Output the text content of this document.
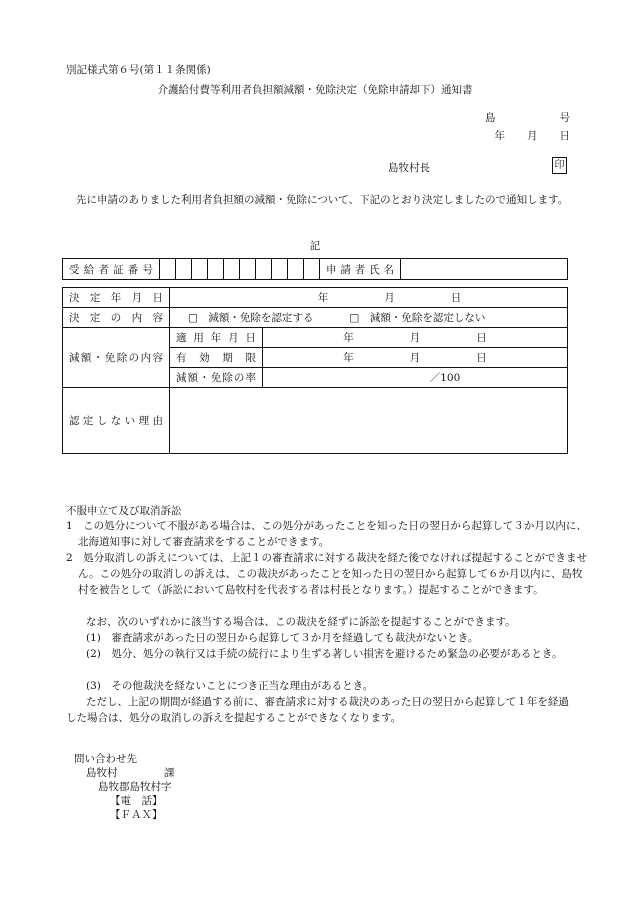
別記様式第６号(第１１条関係)
介護給付費等利用者負担額減額・免除決定（免除申請却下）通知書
島	号
年 月 日
島牧村長	印
先に申請のありました利用者負担額の減額・免除について、下記のとおり決定しましたので通知します。
記
受給者証番号											申請者氏名	
決定年月日	年 月 日	
決定の内容	□　減額・免除を認定する □　減額・免除を認定しない	
減額・免除の内容	適用年月日	年 月 日
	有効期限	年 月 日
	減額・免除の率	／100
認定しない理由		
不服申立て及び取消訴訟
1　この処分について不服がある場合は、この処分があったことを知った日の翌日から起算して３か月以内に、北海道知事に対して審査請求をすることができます。
2　処分取消しの訴えについては、上記１の審査請求に対する裁決を経た後でなければ提起することができません。この処分の取消しの訴えは、この裁決があったことを知った日の翌日から起算して６か月以内に、島牧村を被告として（訴訟において島牧村を代表する者は村長となります。）提起することができます。
なお、次のいずれかに該当する場合は、この裁決を経ずに訴訟を提起することができます。
(1)　審査請求があった日の翌日から起算して３か月を経過しても裁決がないとき。
(2)　処分、処分の執行又は手続の続行により生ずる著しい損害を避けるため緊急の必要があるとき。
(3)　その他裁決を経ないことにつき正当な理由があるとき。
ただし、上記の期間が経過する前に、審査請求に対する裁決のあった日の翌日から起算して１年を経過した場合は、処分の取消しの訴えを提起することができなくなります。
問い合わせ先
島牧村	課
島牧郡島牧村字
【電　話】
【ＦＡＸ】
